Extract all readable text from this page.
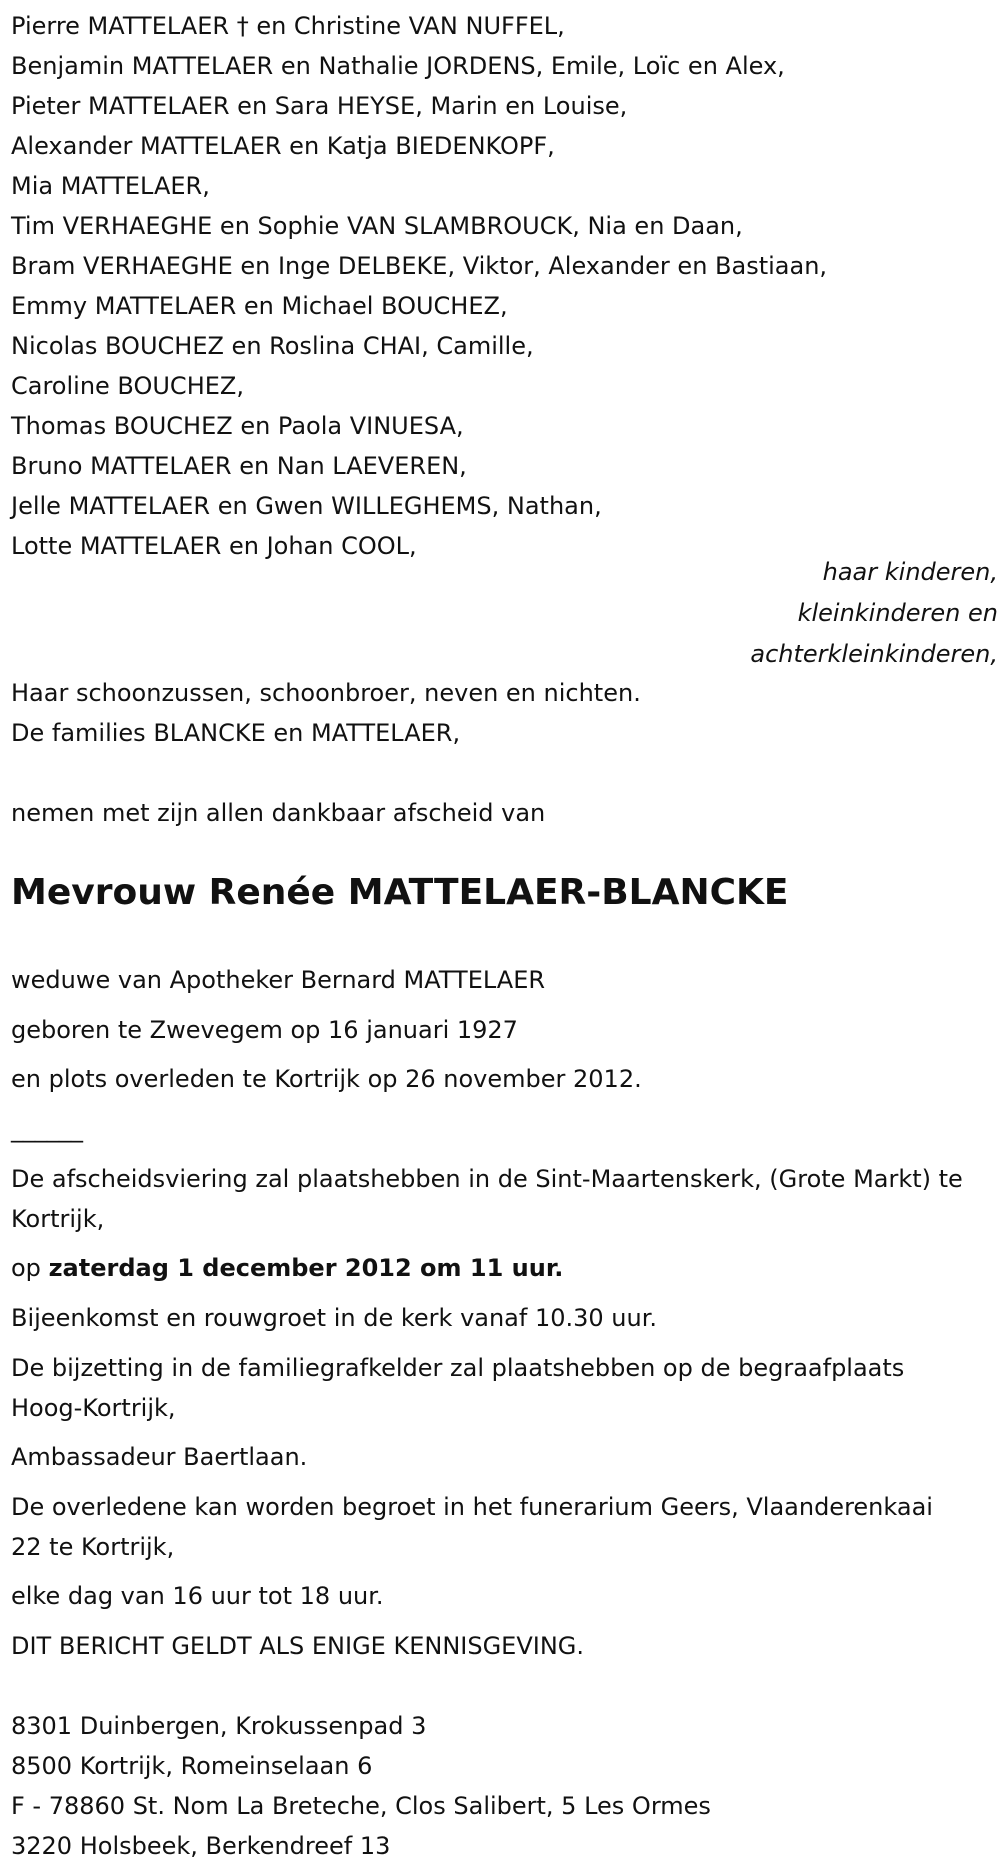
Pierre MATTELAER † en Christine VAN NUFFEL,
Benjamin MATTELAER en Nathalie JORDENS, Emile, Loïc en Alex,
Pieter MATTELAER en Sara HEYSE, Marin en Louise,
Alexander MATTELAER en Katja BIEDENKOPF,
Mia MATTELAER,
Tim VERHAEGHE en Sophie VAN SLAMBROUCK, Nia en Daan,
Bram VERHAEGHE en Inge DELBEKE, Viktor, Alexander en Bastiaan,
Emmy MATTELAER en Michael BOUCHEZ,
Nicolas BOUCHEZ en Roslina CHAI, Camille,
Caroline BOUCHEZ,
Thomas BOUCHEZ en Paola VINUESA,
Bruno MATTELAER en Nan LAEVEREN,
Jelle MATTELAER en Gwen WILLEGHEMS, Nathan,
Lotte MATTELAER en Johan COOL,
haar kinderen,
kleinkinderen en
achterkleinkinderen,
Haar schoonzussen, schoonbroer, neven en nichten.
De families BLANCKE en MATTELAER,
nemen met zijn allen dankbaar afscheid van
Mevrouw Renée MATTELAER-BLANCKE
weduwe van Apotheker Bernard MATTELAER
geboren te Zwevegem op 16 januari 1927
en plots overleden te Kortrijk op 26 november 2012.
______
De afscheidsviering zal plaatshebben in de Sint-Maartenskerk, (Grote Markt) te Kortrijk,
op zaterdag 1 december 2012 om 11 uur.
Bijeenkomst en rouwgroet in de kerk vanaf 10.30 uur.
De bijzetting in de familiegrafkelder zal plaatshebben op de begraafplaats Hoog-Kortrijk,
Ambassadeur Baertlaan.
De overledene kan worden begroet in het funerarium Geers, Vlaanderenkaai 22 te Kortrijk,
elke dag van 16 uur tot 18 uur.
DIT BERICHT GELDT ALS ENIGE KENNISGEVING.
8301 Duinbergen, Krokussenpad 3
8500 Kortrijk, Romeinselaan 6
F - 78860 St. Nom La Breteche, Clos Salibert, 5 Les Ormes
3220 Holsbeek, Berkendreef 13
